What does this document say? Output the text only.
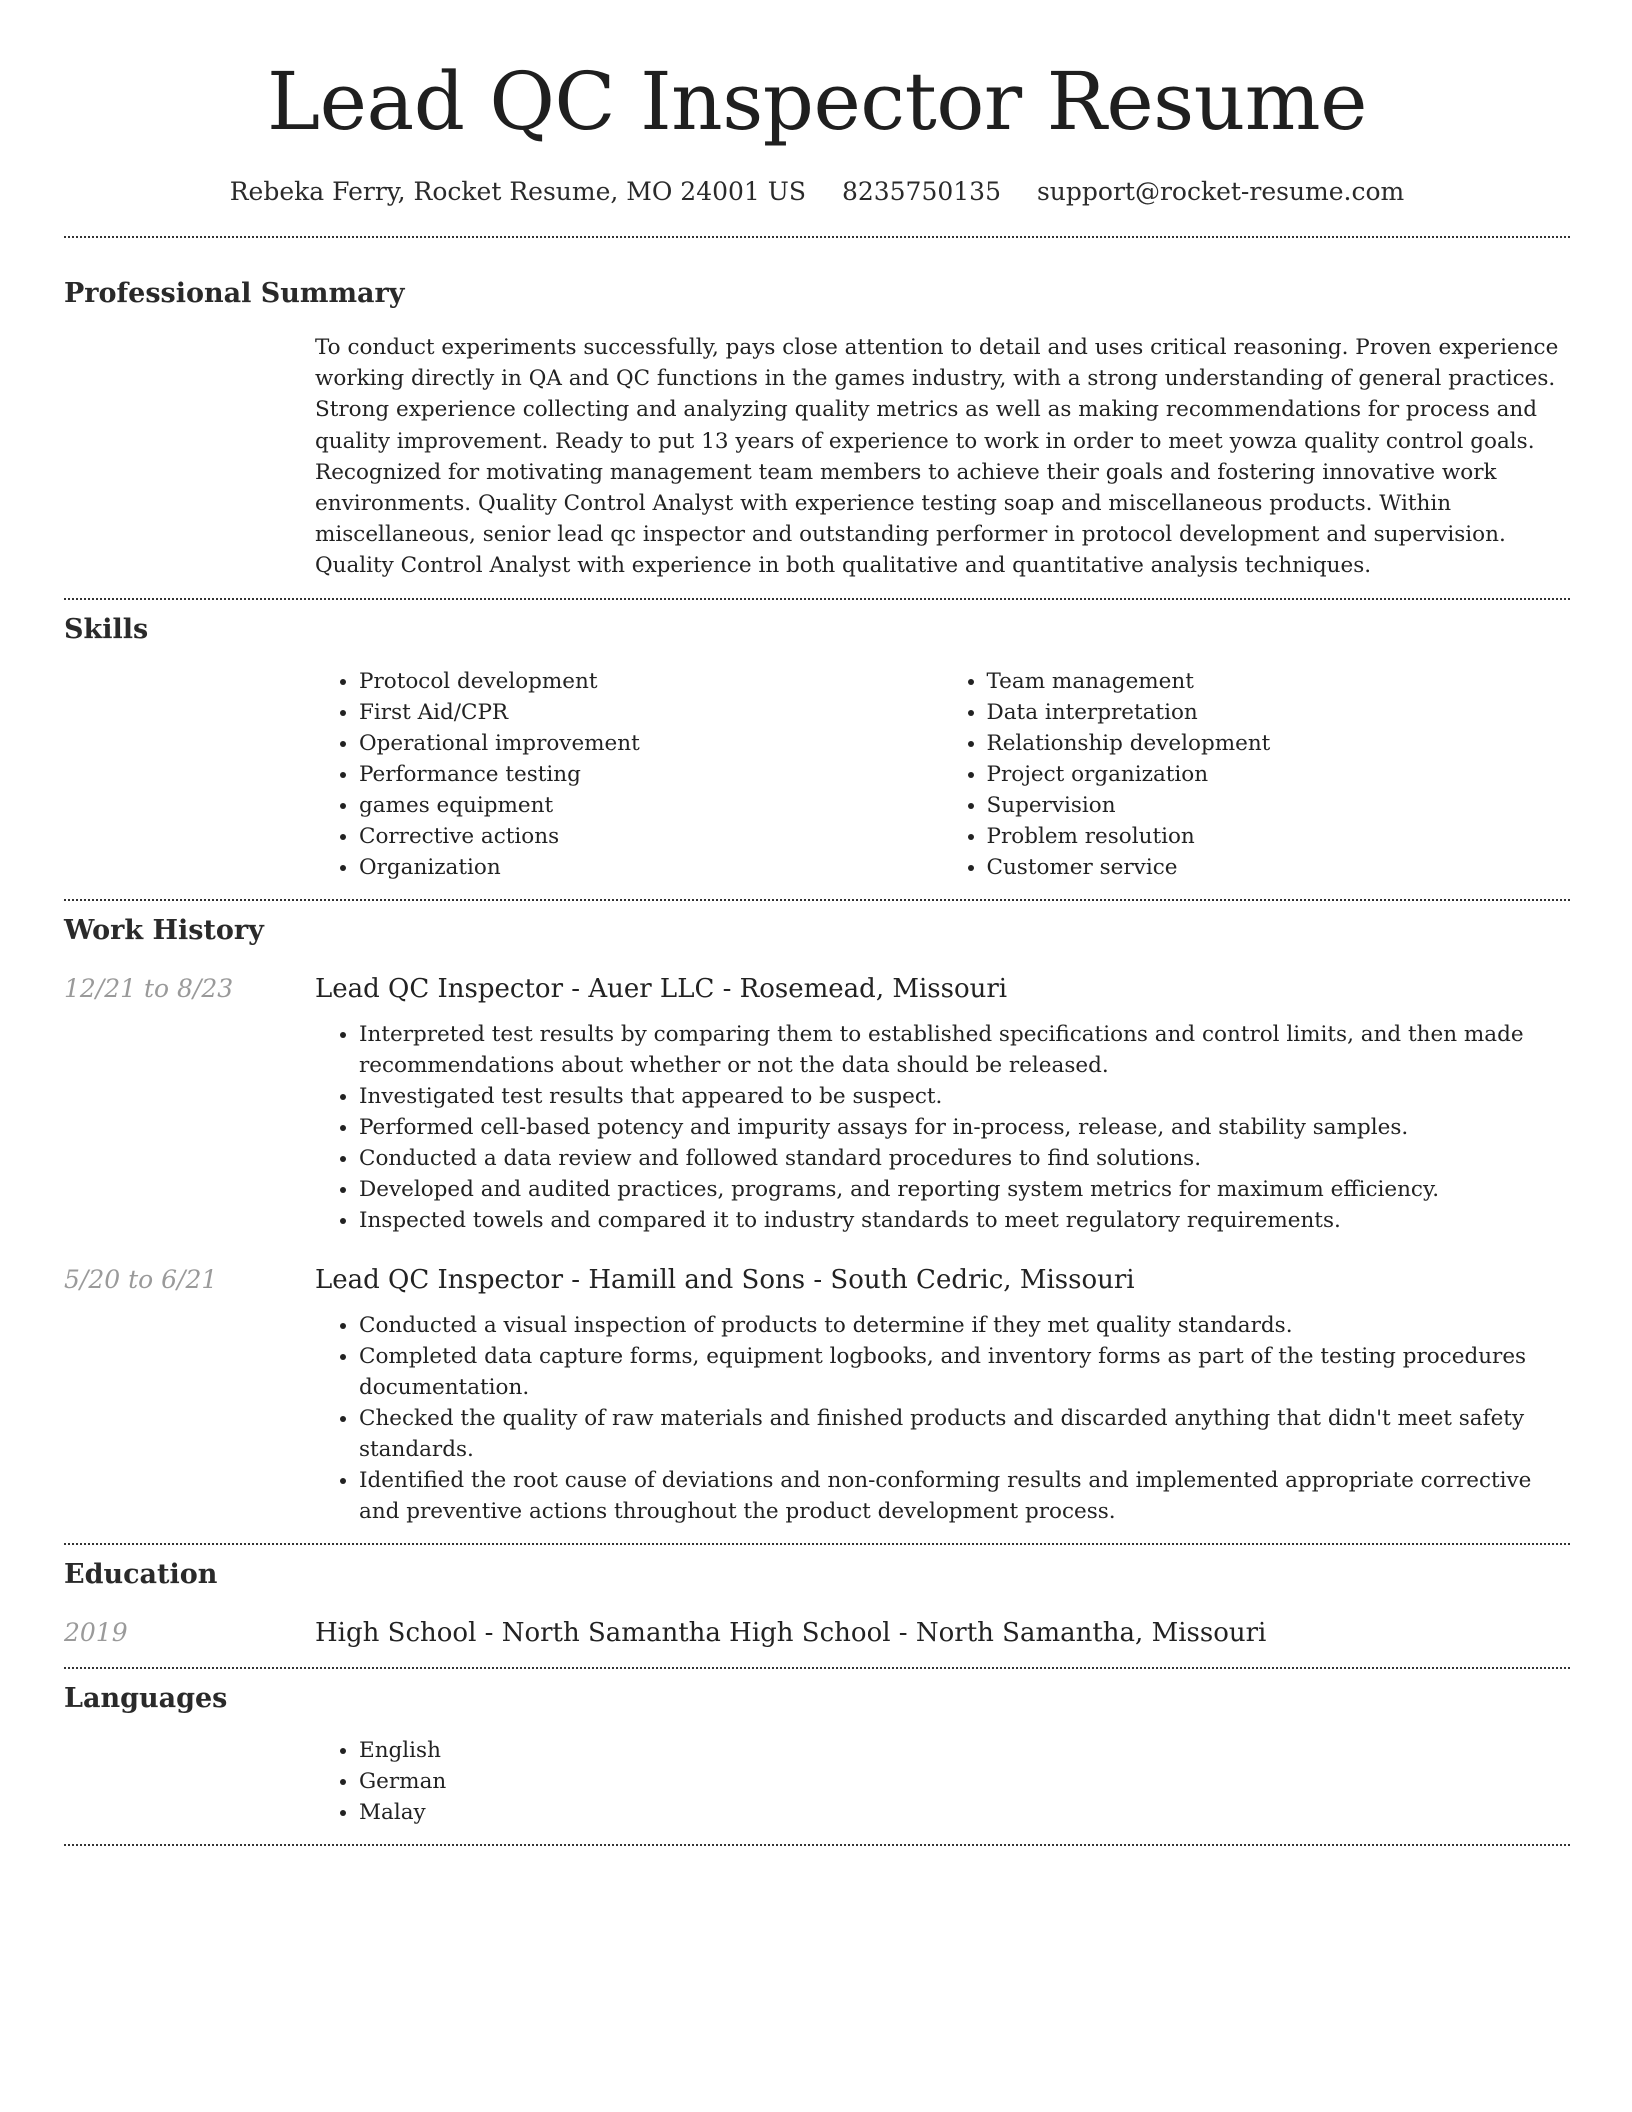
Lead QC Inspector Resume
Rebeka Ferry, Rocket Resume, MO 24001 US 8235750135 support@rocket-resume.com
Professional Summary
To conduct experiments successfully, pays close attention to detail and uses critical reasoning. Proven experience working directly in QA and QC functions in the games industry, with a strong understanding of general practices. Strong experience collecting and analyzing quality metrics as well as making recommendations for process and quality improvement. Ready to put 13 years of experience to work in order to meet yowza quality control goals. Recognized for motivating management team members to achieve their goals and fostering innovative work environments. Quality Control Analyst with experience testing soap and miscellaneous products. Within miscellaneous, senior lead qc inspector and outstanding performer in protocol development and supervision. Quality Control Analyst with experience in both qualitative and quantitative analysis techniques.
Skills
• Protocol development
• First Aid/CPR
• Operational improvement
• Performance testing
• games equipment
• Corrective actions
• Organization
• Team management
• Data interpretation
• Relationship development
• Project organization
• Supervision
• Problem resolution
• Customer service
Work History
12/21 to 8/23	Lead QC Inspector - Auer LLC - Rosemead, Missouri
• Interpreted test results by comparing them to established specifications and control limits, and then made recommendations about whether or not the data should be released.
• Investigated test results that appeared to be suspect.
• Performed cell-based potency and impurity assays for in-process, release, and stability samples.
• Conducted a data review and followed standard procedures to find solutions.
• Developed and audited practices, programs, and reporting system metrics for maximum efficiency.
• Inspected towels and compared it to industry standards to meet regulatory requirements.
5/20 to 6/21	Lead QC Inspector - Hamill and Sons - South Cedric, Missouri
• Conducted a visual inspection of products to determine if they met quality standards.
• Completed data capture forms, equipment logbooks, and inventory forms as part of the testing procedures documentation.
• Checked the quality of raw materials and finished products and discarded anything that didn't meet safety standards.
• Identified the root cause of deviations and non-conforming results and implemented appropriate corrective and preventive actions throughout the product development process.
Education
2019	High School - North Samantha High School - North Samantha, Missouri
Languages
• English
• German
• Malay
